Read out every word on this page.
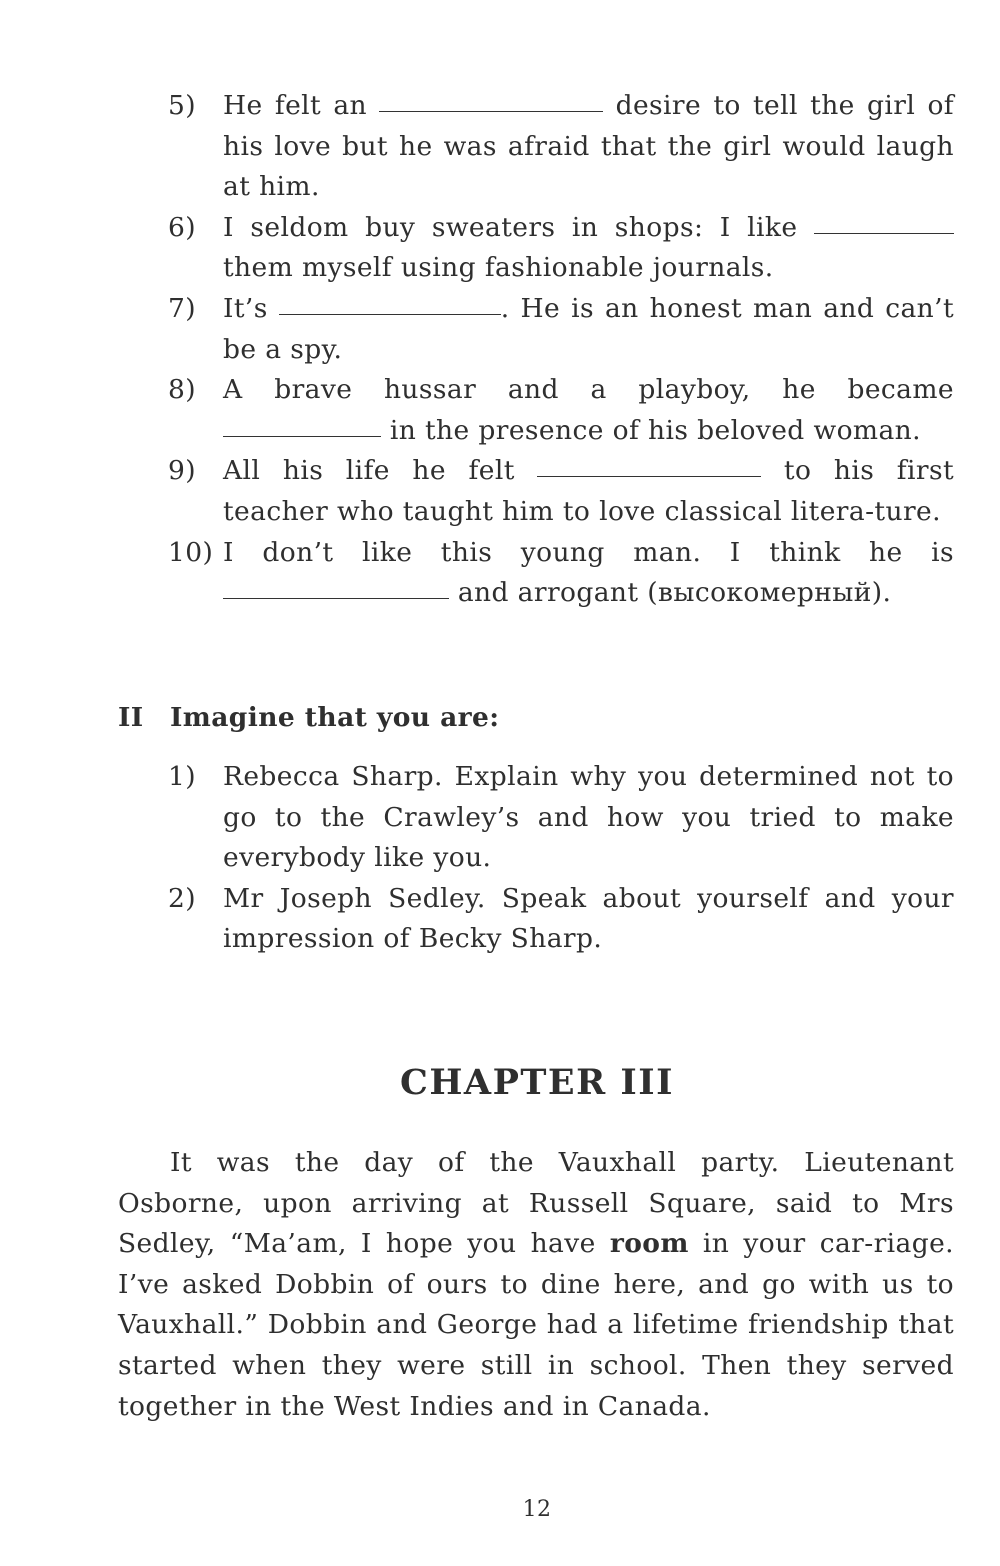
5) He felt an	desire to tell the girl of his love but he was afraid that the girl would laugh at him.
6) I seldom buy sweaters in shops: I like  them myself using fashionable journals.
7) It’s	. He is an honest man and can’t be a spy.
8) A brave hussar and a playboy, he became  in the presence of his beloved woman.
9) All his life he felt	to his first teacher who taught him to love classical litera-ture.
10) I don’t like this young man. I think he is  and arrogant (высокомерный).
II Imagine that you are:
1) Rebecca Sharp. Explain why you determined not to go to the Crawley’s and how you tried to make everybody like you.
2) Mr Joseph Sedley. Speak about yourself and your impression of Becky Sharp.
CHAPTER III

It was the day of the Vauxhall party. Lieutenant Osborne, upon arriving at Russell Square, said to Mrs Sedley, “Ma’am, I hope you have room in your car-riage. I’ve asked Dobbin of ours to dine here, and go with us to Vauxhall.” Dobbin and George had a lifetime friendship that started when they were still in school. Then they served together in the West Indies and in Canada.

12
